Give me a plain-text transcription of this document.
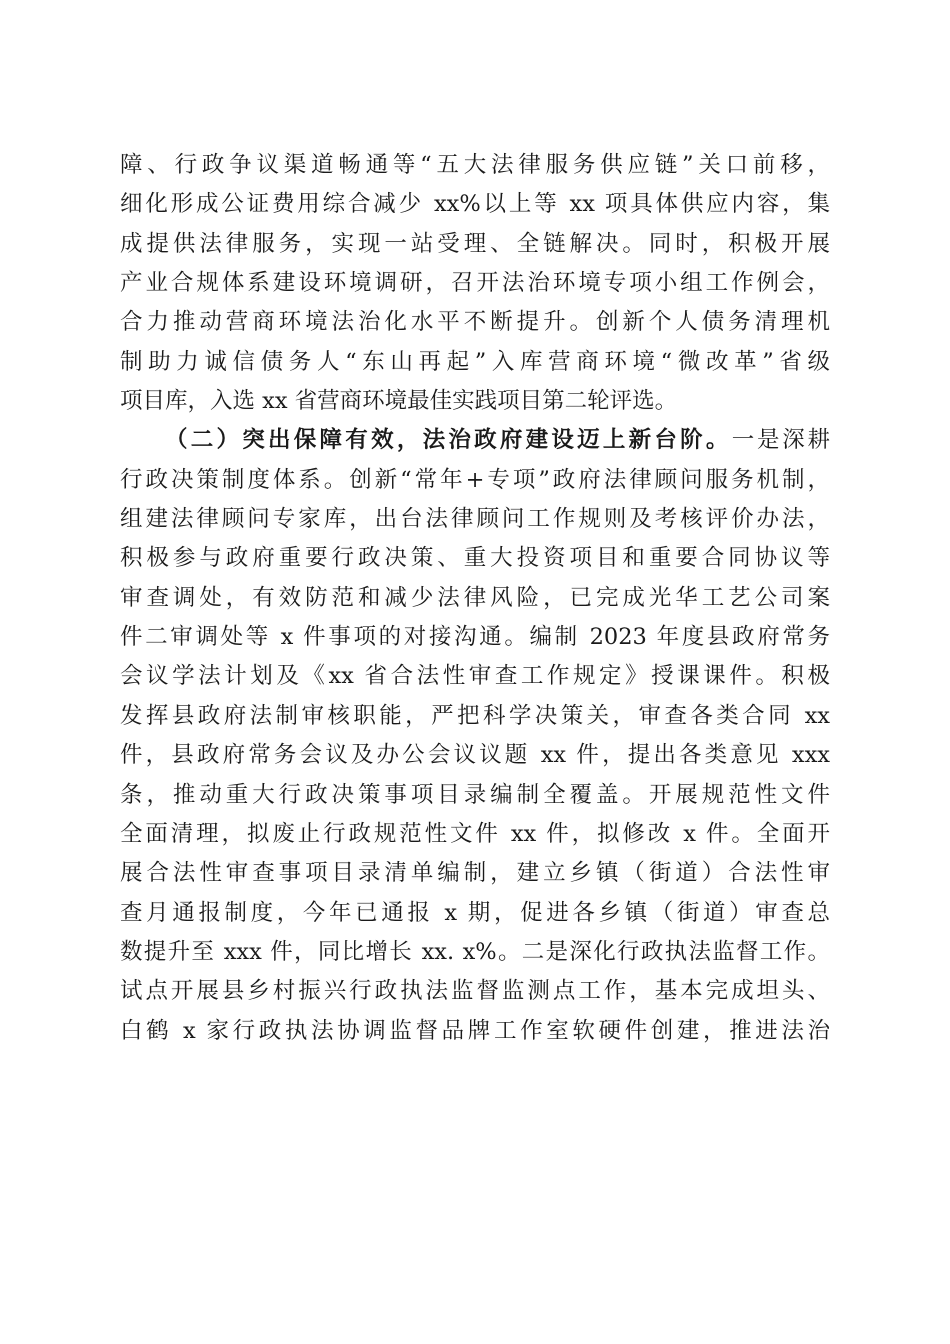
障、行政争议渠道畅通等“五大法律服务供应链”关口前移，
细化形成公证费用综合减少 xx%以上等 xx 项具体供应内容，集
成提供法律服务，实现一站受理、全链解决。同时，积极开展
产业合规体系建设环境调研，召开法治环境专项小组工作例会，
合力推动营商环境法治化水平不断提升。创新个人债务清理机
制助力诚信债务人“东山再起”入库营商环境“微改革”省级
项目库，入选 xx 省营商环境最佳实践项目第二轮评选。
（二）突出保障有效，法治政府建设迈上新台阶。一是深耕
行政决策制度体系。创新“常年+专项”政府法律顾问服务机制，
组建法律顾问专家库，出台法律顾问工作规则及考核评价办法，
积极参与政府重要行政决策、重大投资项目和重要合同协议等
审查调处，有效防范和减少法律风险，已完成光华工艺公司案
件二审调处等 x 件事项的对接沟通。编制 2023 年度县政府常务
会议学法计划及《xx 省合法性审查工作规定》授课课件。积极
发挥县政府法制审核职能，严把科学决策关，审查各类合同 xx
件，县政府常务会议及办公会议议题 xx 件，提出各类意见 xxx
条，推动重大行政决策事项目录编制全覆盖。开展规范性文件
全面清理，拟废止行政规范性文件 xx 件，拟修改 x 件。全面开
展合法性审查事项目录清单编制，建立乡镇（街道）合法性审
查月通报制度，今年已通报 x 期，促进各乡镇（街道）审查总
数提升至 xxx 件，同比增长 xx. x%。二是深化行政执法监督工作。
试点开展县乡村振兴行政执法监督监测点工作，基本完成坦头、
白鹤 x 家行政执法协调监督品牌工作室软硬件创建，推进法治
